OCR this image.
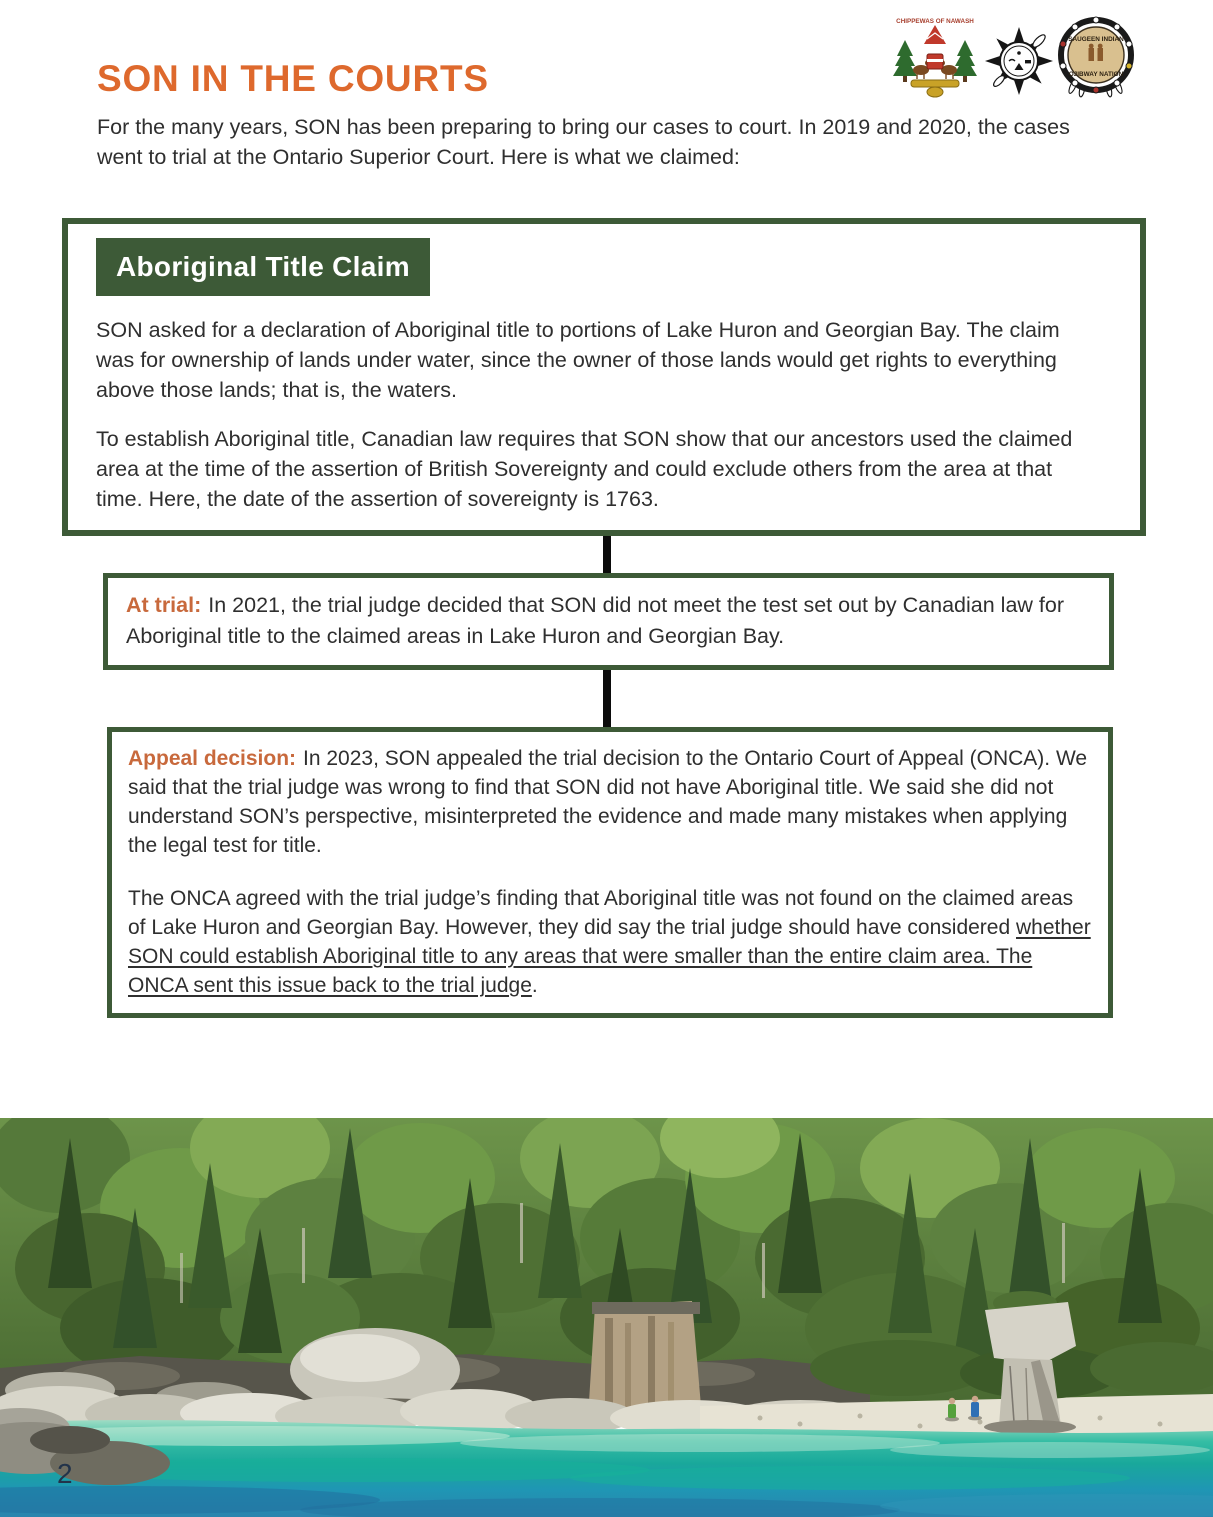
SON IN THE COURTS
CHIPPEWAS OF NAWASH
SAUGEEN INDIAN
OJIBWAY NATION
For the many years, SON has been preparing to bring our cases to court. In 2019 and 2020, the cases went to trial at the Ontario Superior Court. Here is what we claimed:
Aboriginal Title Claim

SON asked for a declaration of Aboriginal title to portions of Lake Huron and Georgian Bay. The claim was for ownership of lands under water, since the owner of those lands would get rights to everything above those lands; that is, the waters.

To establish Aboriginal title, Canadian law requires that SON show that our ancestors used the claimed area at the time of the assertion of British Sovereignty and could exclude others from the area at that time. Here, the date of the assertion of sovereignty is 1763.

At trial: In 2021, the trial judge decided that SON did not meet the test set out by Canadian law for Aboriginal title to the claimed areas in Lake Huron and Georgian Bay.

Appeal decision: In 2023, SON appealed the trial decision to the Ontario Court of Appeal (ONCA). We said that the trial judge was wrong to find that SON did not have Aboriginal title. We said she did not understand SON’s perspective, misinterpreted the evidence and made many mistakes when applying the legal test for title.

The ONCA agreed with the trial judge’s finding that Aboriginal title was not found on the claimed areas of Lake Huron and Georgian Bay. However, they did say the trial judge should have considered whether SON could establish Aboriginal title to any areas that were smaller than the entire claim area. The ONCA sent this issue back to the trial judge.

2
